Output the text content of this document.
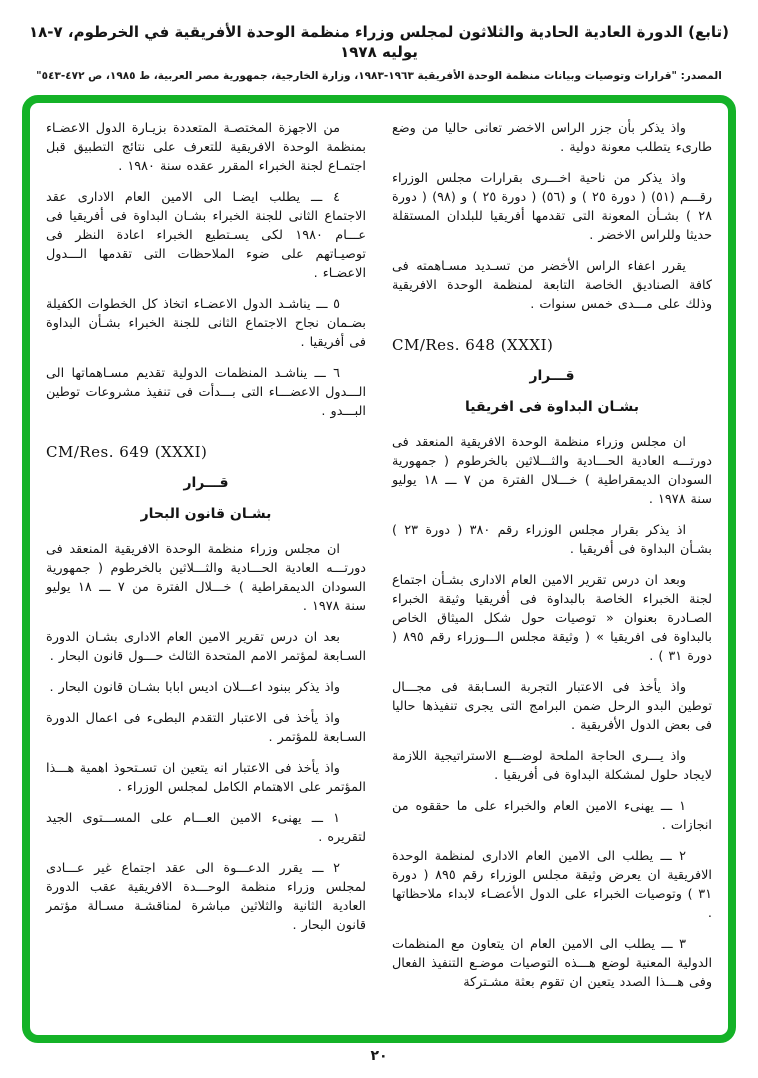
(تابع) الدورة العادية الحادية والثلاثون لمجلس وزراء منظمة الوحدة الأفريقية في الخرطوم، ٧-١٨ يوليه ١٩٧٨
المصدر: "قرارات وتوصيات وبيانات منظمة الوحدة الأفريقية ١٩٦٣-١٩٨٣، وزارة الخارجية، جمهورية مصر العربية، ط ١٩٨٥، ص ٤٧٢-٥٤٣"

واذ يذكر بأن جزر الراس الاخضر تعانى حاليا من وضع طارىء يتطلب معونة دولية .

واذ يذكر من ناحية اخـــرى بقرارات مجلس الوزراء رقـــم (٥١) ( دورة ٢٥ ) و (٥٦) ( دورة ٢٥ ) و (٩٨) ( دورة ٢٨ ) بشـأن المعونة التى تقدمها أفريقيا للبلدان المستقلة حديثا وللراس الاخضر .

يقرر اعفاء الراس الأخضر من تسـديد مسـاهمته فى كافة الصناديق الخاصة التابعة لمنظمة الوحدة الافريقية وذلك على مـــدى خمس سنوات .

CM/Res. 648 (XXXI)
قـــرار
بشـان البداوة فى افريقيا

ان مجلس وزراء منظمة الوحدة الافريقية المنعقد فى دورتـــه العادية الحـــادية والثـــلاثين بالخرطوم ( جمهورية السودان الديمقراطية ) خـــلال الفترة من ٧ ـــ ١٨ يوليو سنة ١٩٧٨ .

اذ يذكر بقرار مجلس الوزراء رقم ٣٨٠ ( دورة ٢٣ ) بشـأن البداوة فى أفريقيا .

وبعد ان درس تقرير الامين العام الادارى بشـأن اجتماع لجنة الخبراء الخاصة بالبداوة فى أفريقيا وثيقة الخبراء الصـادرة بعنوان « توصيات حول شكل الميثاق الخاص بالبداوة فى افريقيا » ( وثيقة مجلس الـــوزراء رقم ٨٩٥ ( دورة ٣١ ) .

واذ يأخذ فى الاعتبار التجربة السـابقة فى مجـــال توطين البدو الرحل ضمن البرامج التى يجرى تنفيذها حاليا فى بعض الدول الأفريقية .

واذ يـــرى الحاجة الملحة لوضـــع الاستراتيجية اللازمة لايجاد حلول لمشكلة البداوة فى أفريقيا .

١ ـــ يهنىء الامين العام والخبراء على ما حققوه من انجازات .

٢ ـــ يطلب الى الامين العام الادارى لمنظمة الوحدة الافريقية ان يعرض وثيقة مجلس الوزراء رقم ٨٩٥ ( دورة ٣١ ) وتوصيات الخبراء على الدول الأعضـاء لابداء ملاحظاتها .

٣ ـــ يطلب الى الامين العام ان يتعاون مع المنظمات الدولية المعنية لوضع هـــذه التوصيات موضـع التنفيذ الفعال وفى هـــذا الصدد يتعين ان تقوم بعثة مشـتركة

من الاجهزة المختصـة المتعددة بزيـارة الدول الاعضـاء بمنظمة الوحدة الافريقية للتعرف على نتائج التطبيق قبل اجتمـاع لجنة الخبراء المقرر عقده سنة ١٩٨٠ .

٤ ـــ يطلب ايضـا الى الامين العام الادارى عقد الاجتماع الثانى للجنة الخبراء بشـان البداوة فى أفريقيا فى عـــام ١٩٨٠ لكى يسـتطيع الخبراء اعادة النظر فى توصيـاتهم على ضوء الملاحظات التى تقدمها الـــدول الاعضـاء .

٥ ـــ يناشـد الدول الاعضـاء اتخاذ كل الخطوات الكفيلة بضـمان نجاح الاجتماع الثانى للجنة الخبراء بشـأن البداوة فى أفريقيا .

٦ ـــ يناشـد المنظمات الدولية تقديم مسـاهماتها الى الـــدول الاعضـــاء التى بـــدأت فى تنفيذ مشروعات توطين البـــدو .

CM/Res. 649 (XXXI)
قـــرار
بشـان قانون البحار

ان مجلس وزراء منظمة الوحدة الافريقية المنعقد فى دورتـــه العادية الحـــادية والثـــلاثين بالخرطوم ( جمهورية السودان الديمقراطية ) خـــلال الفترة من ٧ ـــ ١٨ يوليو سنة ١٩٧٨ .

بعد ان درس تقرير الامين العام الادارى بشـان الدورة السـابعة لمؤتمر الامم المتحدة الثالث حـــول قانون البحار .

واذ يذكر ببنود اعـــلان اديس ابابا بشـان قانون البحار .

واذ يأخذ فى الاعتبار التقدم البطىء فى اعمال الدورة السـابعة للمؤتمر .

واذ يأخذ فى الاعتبار انه يتعين ان تسـتحوذ اهمية هـــذا المؤتمر على الاهتمام الكامل لمجلس الوزراء .

١ ـــ يهنىء الامين العـــام على المســـتوى الجيد لتقريره .

٢ ـــ يقرر الدعـــوة الى عقد اجتماع غير عـــادى لمجلس وزراء منظمة الوحـــدة الافريقية عقب الدورة العادية الثانية والثلاثين مباشرة لمناقشـة مسـالة مؤتمر قانون البحار .

٢٠
